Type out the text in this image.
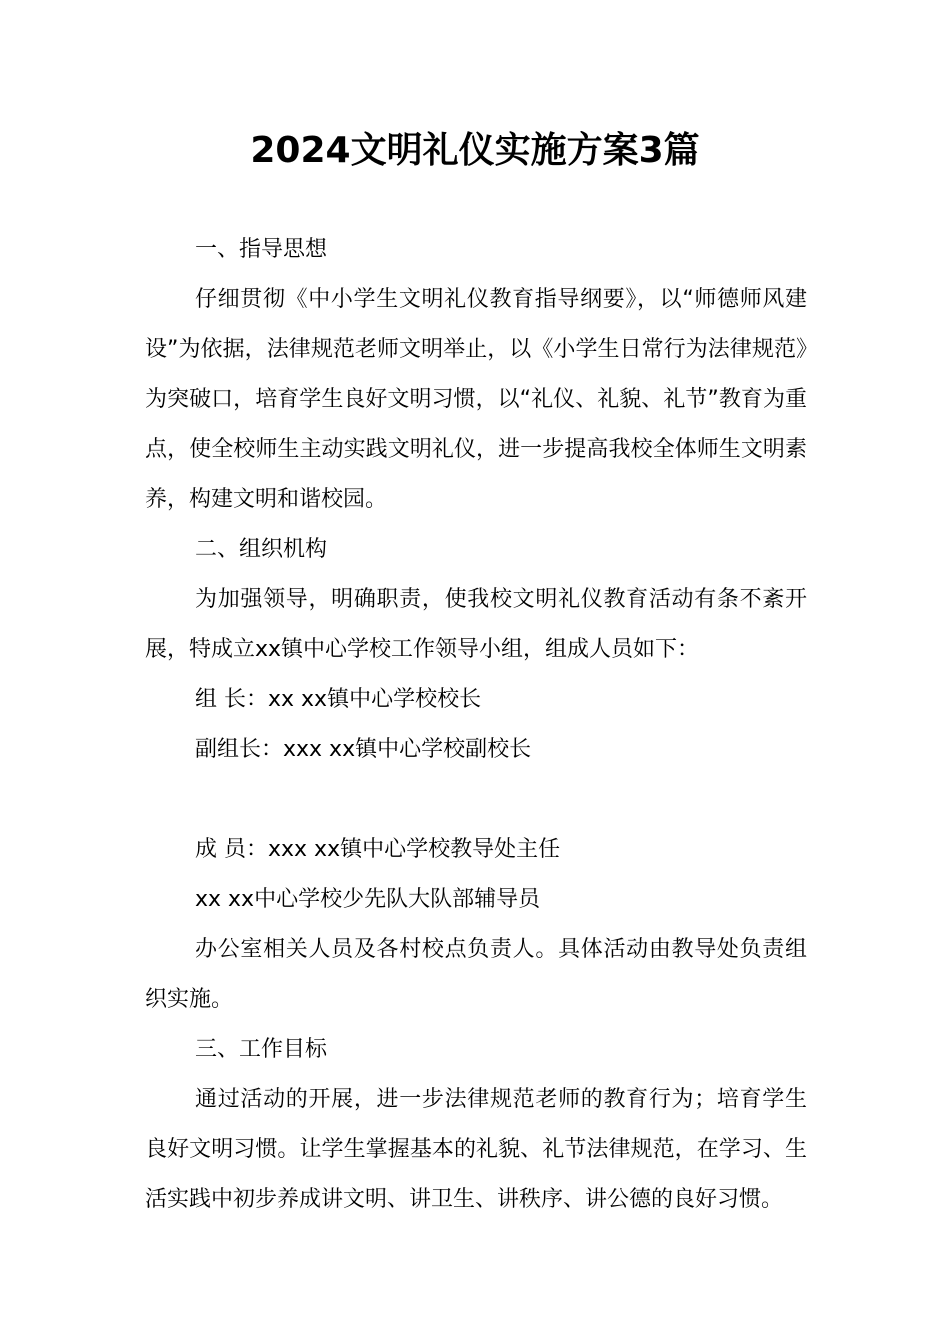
2024文明礼仪实施方案3篇

一、指导思想

仔细贯彻《中小学生文明礼仪教育指导纲要》，以“师德师风建设”为依据，法律规范老师文明举止，以《小学生日常行为法律规范》为突破口，培育学生良好文明习惯，以“礼仪、礼貌、礼节”教育为重点，使全校师生主动实践文明礼仪，进一步提高我校全体师生文明素养，构建文明和谐校园。

二、组织机构

为加强领导，明确职责，使我校文明礼仪教育活动有条不紊开展，特成立xx镇中心学校工作领导小组，组成人员如下：

组 长：xx xx镇中心学校校长

副组长：xxx xx镇中心学校副校长

成 员：xxx xx镇中心学校教导处主任

xx xx中心学校少先队大队部辅导员

办公室相关人员及各村校点负责人。具体活动由教导处负责组织实施。

三、工作目标

通过活动的开展，进一步法律规范老师的教育行为；培育学生良好文明习惯。让学生掌握基本的礼貌、礼节法律规范，在学习、生活实践中初步养成讲文明、讲卫生、讲秩序、讲公德的良好习惯。
